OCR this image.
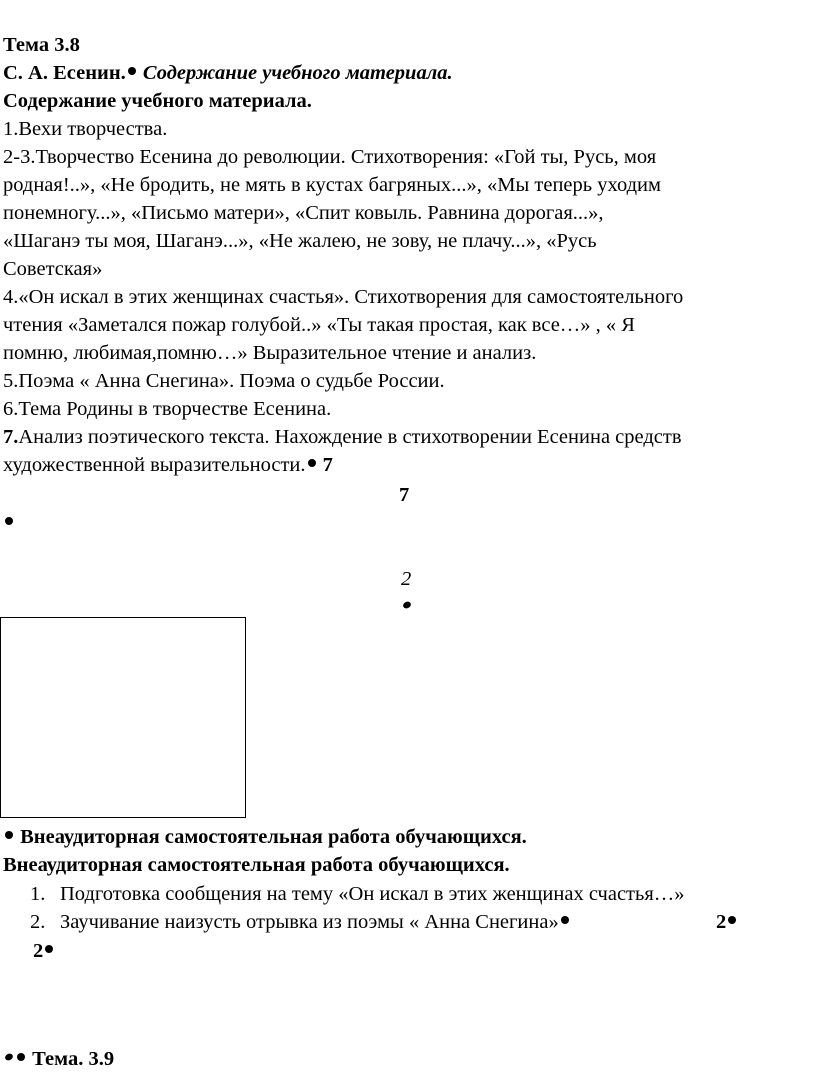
Тема 3.8
С. А. Есенин. Содержание учебного материала.
Содержание учебного материала.
1.Вехи творчества.
2-3.Творчество Есенина до революции. Стихотворения: «Гой ты, Русь, моя
родная!..», «Не бродить, не мять в кустах багряных...», «Мы теперь уходим
понемногу...», «Письмо матери», «Спит ковыль. Равнина дорогая...»,
«Шаганэ ты моя, Шаганэ...», «Не жалею, не зову, не плачу...», «Русь
Советская»
4.«Он искал в этих женщинах счастья». Стихотворения для самостоятельного
чтения «Заметался пожар голубой..» «Ты такая простая, как все…» , « Я
помню, любимая,помню…» Выразительное чтение и анализ.
5.Поэма « Анна Снегина». Поэма о судьбе России.
6.Тема Родины в творчестве Есенина.
7.Анализ поэтического текста. Нахождение в стихотворении Есенина средств
художественной выразительности. 7
7
2
Внеаудиторная самостоятельная работа обучающихся.
Внеаудиторная самостоятельная работа обучающихся.
1. Подготовка сообщения на тему «Он искал в этих женщинах счастья…»
2. Заучивание наизусть отрывка из поэмы « Анна Снегина»	2
2
Тема. 3.9
